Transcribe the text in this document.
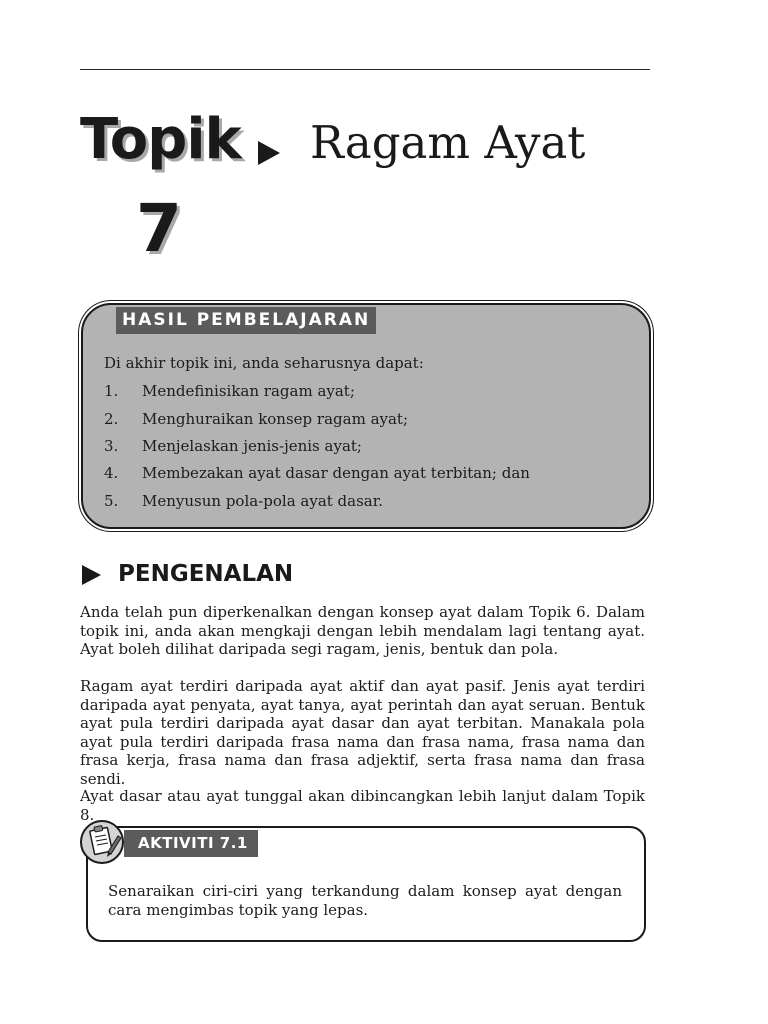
Topik Ragam Ayat
7
HASIL PEMBELAJARAN
Di akhir topik ini, anda seharusnya dapat:
1. Mendefinisikan ragam ayat;
2. Menghuraikan konsep ragam ayat;
3. Menjelaskan jenis-jenis ayat;
4. Membezakan ayat dasar dengan ayat terbitan; dan
5. Menyusun pola-pola ayat dasar.
PENGENALAN
Anda telah pun diperkenalkan dengan konsep ayat dalam Topik 6. Dalam topik ini, anda akan mengkaji dengan lebih mendalam lagi tentang ayat. Ayat boleh dilihat daripada segi ragam, jenis, bentuk dan pola.
Ragam ayat terdiri daripada ayat aktif dan ayat pasif. Jenis ayat terdiri daripada ayat penyata, ayat tanya, ayat perintah dan ayat seruan. Bentuk ayat pula terdiri daripada ayat dasar dan ayat terbitan. Manakala pola ayat pula terdiri daripada frasa nama dan frasa nama, frasa nama dan frasa kerja, frasa nama dan frasa adjektif, serta frasa nama dan frasa sendi.
Ayat dasar atau ayat tunggal akan dibincangkan lebih lanjut dalam Topik 8.
AKTIVITI 7.1
Senaraikan ciri-ciri yang terkandung dalam konsep ayat dengan cara mengimbas topik yang lepas.
